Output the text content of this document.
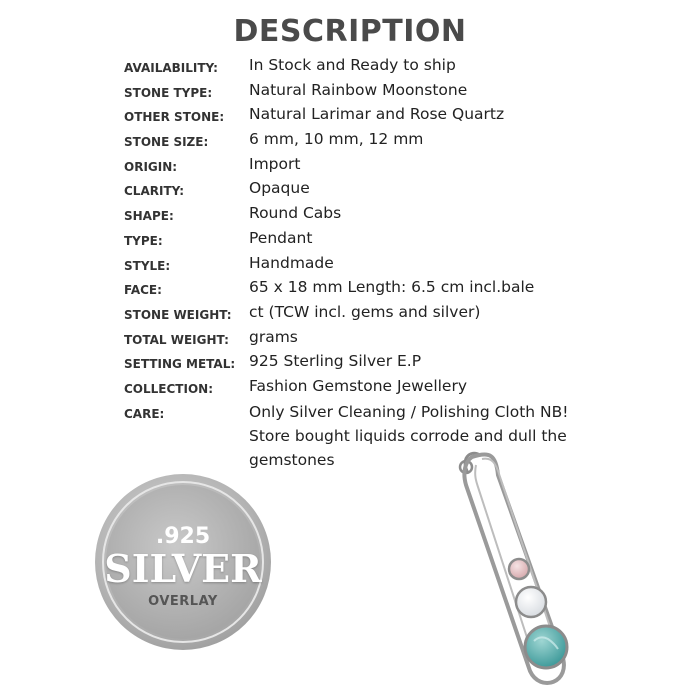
DESCRIPTION
AVAILABILITY: In Stock and Ready to ship
STONE TYPE: Natural Rainbow Moonstone
OTHER STONE: Natural Larimar and Rose Quartz
STONE SIZE:	6 mm, 10 mm, 12 mm
ORIGIN:	Import
CLARITY:	Opaque
SHAPE:	Round Cabs
TYPE:	Pendant
STYLE:	Handmade
FACE:	65 x 18 mm Length: 6.5 cm incl.bale
STONE WEIGHT: ct (TCW incl. gems and silver)
TOTAL WEIGHT: grams
SETTING METAL: 925 Sterling Silver E.P
COLLECTION: Fashion Gemstone Jewellery
CARE:	Only Silver Cleaning / Polishing Cloth NB! Store bought liquids corrode and dull the gemstones
.925
SILVER
OVERLAY
